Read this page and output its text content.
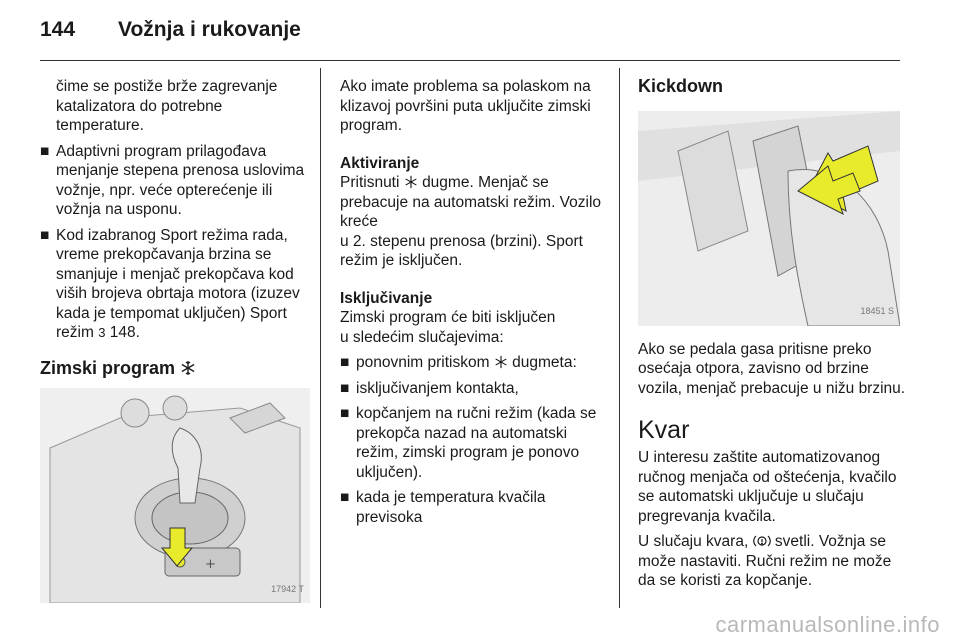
144 Vožnja i rukovanje

čime se postiže brže zagrevanje katalizatora do potrebne temperature.

■ Adaptivni program prilagođava menjanje stepena prenosa uslovima vožnje, npr. veće opterećenje ili vožnja na usponu.
■ Kod izabranog Sport režima rada, vreme prekopčavanja brzina se smanjuje i menjač prekopčava kod viših brojeva obrtaja motora (izuzev kada je tempomat uključen) Sport režim 3 148.
Zimski program
+
17942 T

Ako imate problema sa polaskom na klizavoj površini puta uključite zimski program.

Aktiviranje

Pritisnuti dugme. Menjač se prebacuje na automatski režim. Vozilo kreće

u 2. stepenu prenosa (brzini). Sport režim je isključen.

Isključivanje

Zimski program će biti isključen

u sledećim slučajevima:

■ ponovnim pritiskom dugmeta:
■ isključivanjem kontakta,
■ kopčanjem na ručni režim (kada se prekopča nazad na automatski režim, zimski program je ponovo uključen).
■ kada je temperatura kvačila previsoka
Kickdown
18451 S

Ako se pedala gasa pritisne preko osećaja otpora, zavisno od brzine vozila, menjač prebacuje u nižu brzinu.

Kvar

U interesu zaštite automatizovanog ručnog menjača od oštećenja, kvačilo se automatski uključuje u slučaju pregrevanja kvačila.

U slučaju kvara, svetli. Vožnja se može nastaviti. Ručni režim ne može da se koristi za kopčanje.

carmanualsonline.info
